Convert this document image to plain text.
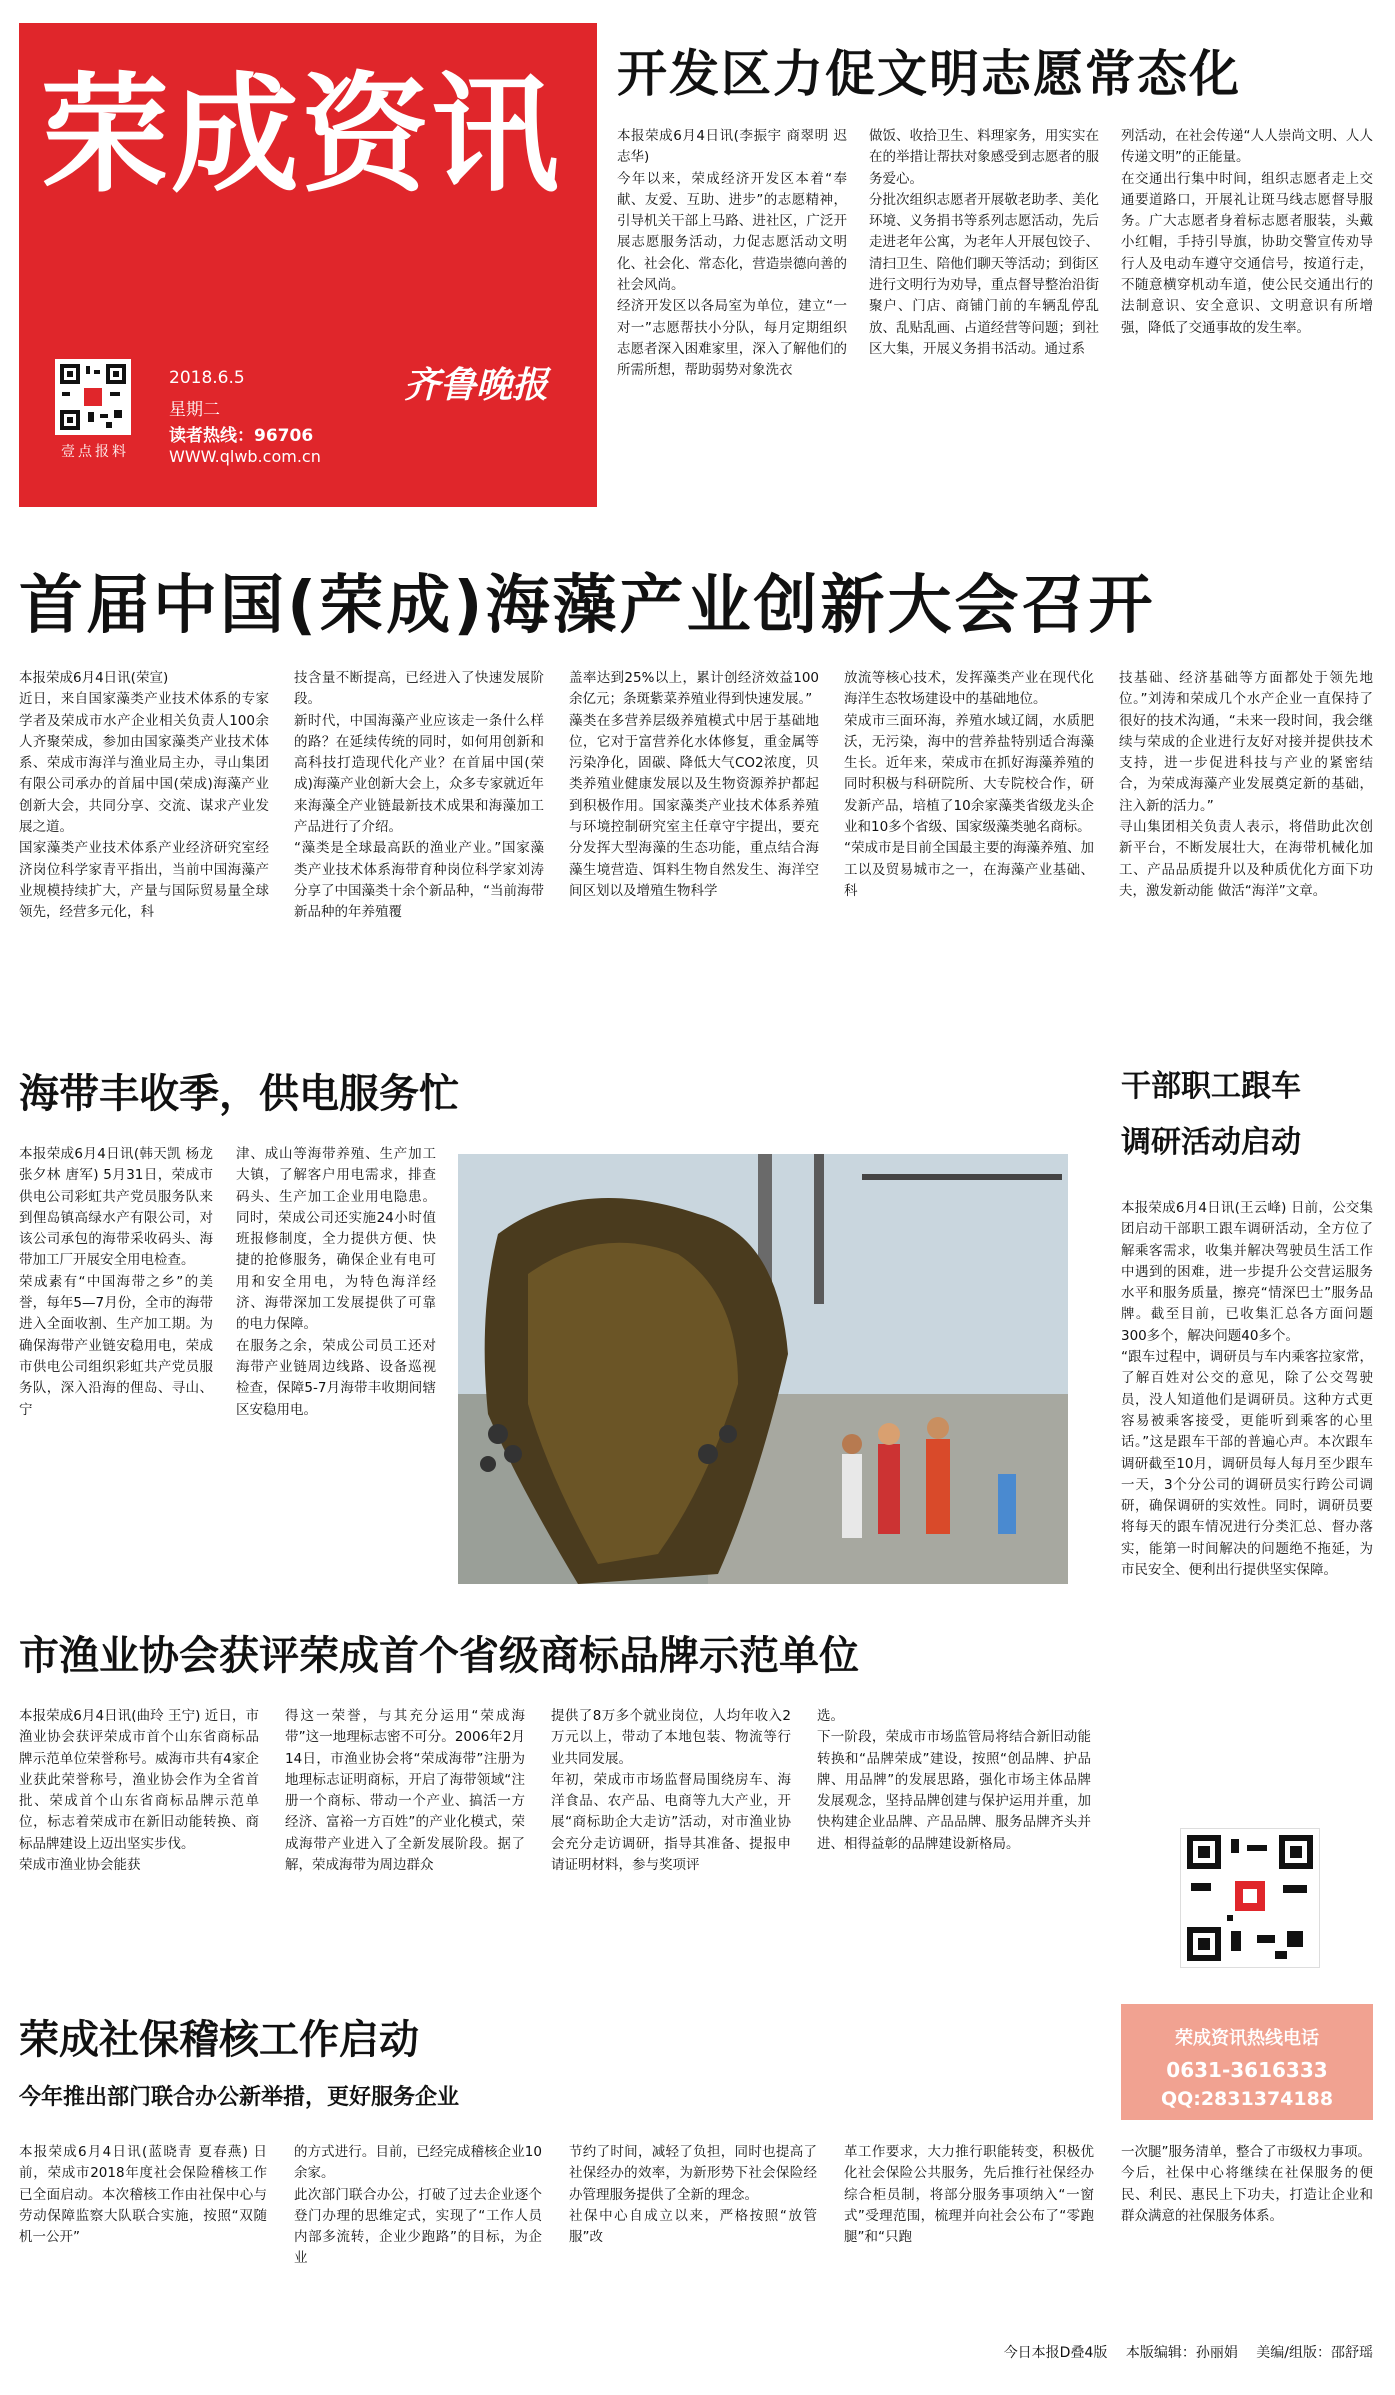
荣成资讯
壹点报料
2018.6.5
星期二
读者热线：96706
WWW.qlwb.com.cn
齐鲁晚报
开发区力促文明志愿常态化
本报荣成6月4日讯(李振宇 商翠明 迟志华)
今年以来，荣成经济开发区本着“奉献、友爱、互助、进步”的志愿精神，引导机关干部上马路、进社区，广泛开展志愿服务活动，力促志愿活动文明化、社会化、常态化，营造崇德向善的社会风尚。
经济开发区以各局室为单位，建立“一对一”志愿帮扶小分队，每月定期组织志愿者深入困难家里，深入了解他们的所需所想，帮助弱势对象洗衣
做饭、收拾卫生、料理家务，用实实在在的举措让帮扶对象感受到志愿者的服务爱心。
分批次组织志愿者开展敬老助孝、美化环境、义务捐书等系列志愿活动，先后走进老年公寓，为老年人开展包饺子、清扫卫生、陪他们聊天等活动；到街区进行文明行为劝导，重点督导整治沿街聚户、门店、商铺门前的车辆乱停乱放、乱贴乱画、占道经营等问题；到社区大集，开展义务捐书活动。通过系
列活动，在社会传递“人人崇尚文明、人人传递文明”的正能量。
在交通出行集中时间，组织志愿者走上交通要道路口，开展礼让斑马线志愿督导服务。广大志愿者身着标志愿者服装，头戴小红帽，手持引导旗，协助交警宣传劝导行人及电动车遵守交通信号，按道行走，不随意横穿机动车道，使公民交通出行的法制意识、安全意识、文明意识有所增强，降低了交通事故的发生率。
首届中国(荣成)海藻产业创新大会召开
本报荣成6月4日讯(荣宣)
近日，来自国家藻类产业技术体系的专家学者及荣成市水产企业相关负责人100余人齐聚荣成，参加由国家藻类产业技术体系、荣成市海洋与渔业局主办，寻山集团有限公司承办的首届中国(荣成)海藻产业创新大会，共同分享、交流、谋求产业发展之道。
国家藻类产业技术体系产业经济研究室经济岗位科学家青平指出，当前中国海藻产业规模持续扩大，产量与国际贸易量全球领先，经营多元化，科
技含量不断提高，已经进入了快速发展阶段。
新时代，中国海藻产业应该走一条什么样的路？在延续传统的同时，如何用创新和高科技打造现代化产业？在首届中国(荣成)海藻产业创新大会上，众多专家就近年来海藻全产业链最新技术成果和海藻加工产品进行了介绍。
“藻类是全球最高跃的渔业产业。”国家藻类产业技术体系海带育种岗位科学家刘涛分享了中国藻类十余个新品种，“当前海带新品种的年养殖覆
盖率达到25%以上，累计创经济效益100余亿元；条斑紫菜养殖业得到快速发展。”
藻类在多营养层级养殖模式中居于基础地位，它对于富营养化水体修复，重金属等污染净化，固碳、降低大气CO2浓度，贝类养殖业健康发展以及生物资源养护都起到积极作用。国家藻类产业技术体系养殖与环境控制研究室主任章守宇提出，要充分发挥大型海藻的生态功能，重点结合海藻生境营造、饵料生物自然发生、海洋空间区划以及增殖生物科学
放流等核心技术，发挥藻类产业在现代化海洋生态牧场建设中的基础地位。
荣成市三面环海，养殖水域辽阔，水质肥沃，无污染，海中的营养盐特别适合海藻生长。近年来，荣成市在抓好海藻养殖的同时积极与科研院所、大专院校合作，研发新产品，培植了10余家藻类省级龙头企业和10多个省级、国家级藻类驰名商标。
“荣成市是目前全国最主要的海藻养殖、加工以及贸易城市之一，在海藻产业基础、科
技基础、经济基础等方面都处于领先地位。”刘涛和荣成几个水产企业一直保持了很好的技术沟通，“未来一段时间，我会继续与荣成的企业进行友好对接并提供技术支持，进一步促进科技与产业的紧密结合，为荣成海藻产业发展奠定新的基础，注入新的活力。”
寻山集团相关负责人表示，将借助此次创新平台，不断发展壮大，在海带机械化加工、产品品质提升以及种质优化方面下功夫，激发新动能 做活“海洋”文章。
海带丰收季，供电服务忙
本报荣成6月4日讯(韩天凯 杨龙 张夕林 唐军) 5月31日，荣成市供电公司彩虹共产党员服务队来到俚岛镇高绿水产有限公司，对该公司承包的海带采收码头、海带加工厂开展安全用电检查。
荣成素有“中国海带之乡”的美誉，每年5—7月份，全市的海带进入全面收割、生产加工期。为确保海带产业链安稳用电，荣成市供电公司组织彩虹共产党员服务队，深入沿海的俚岛、寻山、宁
津、成山等海带养殖、生产加工大镇，了解客户用电需求，排查码头、生产加工企业用电隐患。同时，荣成公司还实施24小时值班报修制度，全力提供方便、快捷的抢修服务，确保企业有电可用和安全用电，为特色海洋经济、海带深加工发展提供了可靠的电力保障。
在服务之余，荣成公司员工还对海带产业链周边线路、设备巡视检查，保障5-7月海带丰收期间辖区安稳用电。
干部职工跟车
调研活动启动
本报荣成6月4日讯(王云峰) 日前，公交集团启动干部职工跟车调研活动，全方位了解乘客需求，收集并解决驾驶员生活工作中遇到的困难，进一步提升公交营运服务水平和服务质量，擦亮“情深巴士”服务品牌。截至目前，已收集汇总各方面问题300多个，解决问题40多个。
“跟车过程中，调研员与车内乘客拉家常，了解百姓对公交的意见，除了公交驾驶员，没人知道他们是调研员。这种方式更容易被乘客接受，更能听到乘客的心里话。”这是跟车干部的普遍心声。本次跟车调研截至10月，调研员每人每月至少跟车一天，3个分公司的调研员实行跨公司调研，确保调研的实效性。同时，调研员要将每天的跟车情况进行分类汇总、督办落实，能第一时间解决的问题绝不拖延，为市民安全、便利出行提供坚实保障。
荣成资讯热线电话
0631-3616333
QQ:2831374188
市渔业协会获评荣成首个省级商标品牌示范单位
本报荣成6月4日讯(曲玲 王宁) 近日，市渔业协会获评荣成市首个山东省商标品牌示范单位荣誉称号。威海市共有4家企业获此荣誉称号，渔业协会作为全省首批、荣成首个山东省商标品牌示范单位，标志着荣成市在新旧动能转换、商标品牌建设上迈出坚实步伐。
荣成市渔业协会能获
得这一荣誉，与其充分运用“荣成海带”这一地理标志密不可分。2006年2月14日，市渔业协会将“荣成海带”注册为地理标志证明商标，开启了海带领域“注册一个商标、带动一个产业、搞活一方经济、富裕一方百姓”的产业化模式，荣成海带产业进入了全新发展阶段。据了解，荣成海带为周边群众
提供了8万多个就业岗位，人均年收入2万元以上，带动了本地包装、物流等行业共同发展。
年初，荣成市市场监督局围绕房车、海洋食品、农产品、电商等九大产业，开展“商标助企大走访”活动，对市渔业协会充分走访调研，指导其准备、提报申请证明材料，参与奖项评
选。
下一阶段，荣成市市场监管局将结合新旧动能转换和“品牌荣成”建设，按照“创品牌、护品牌、用品牌”的发展思路，强化市场主体品牌发展观念，坚持品牌创建与保护运用并重，加快构建企业品牌、产品品牌、服务品牌齐头并进、相得益彰的品牌建设新格局。
荣成社保稽核工作启动
今年推出部门联合办公新举措，更好服务企业
本报荣成6月4日讯(蓝晓青 夏春燕) 日前，荣成市2018年度社会保险稽核工作已全面启动。本次稽核工作由社保中心与劳动保障监察大队联合实施，按照“双随机一公开”
的方式进行。目前，已经完成稽核企业10余家。
此次部门联合办公，打破了过去企业逐个登门办理的思维定式，实现了“工作人员内部多流转，企业少跑路”的目标，为企业
节约了时间，减轻了负担，同时也提高了社保经办的效率，为新形势下社会保险经办管理服务提供了全新的理念。
社保中心自成立以来，严格按照“放管服”改
革工作要求，大力推行职能转变，积极优化社会保险公共服务，先后推行社保经办综合柜员制，将部分服务事项纳入“一窗式”受理范围，梳理并向社会公布了“零跑腿”和“只跑
一次腿”服务清单，整合了市级权力事项。
今后，社保中心将继续在社保服务的便民、利民、惠民上下功夫，打造让企业和群众满意的社保服务体系。
今日本报D叠4版 本版编辑：孙丽娟 美编/组版：邵舒瑶
